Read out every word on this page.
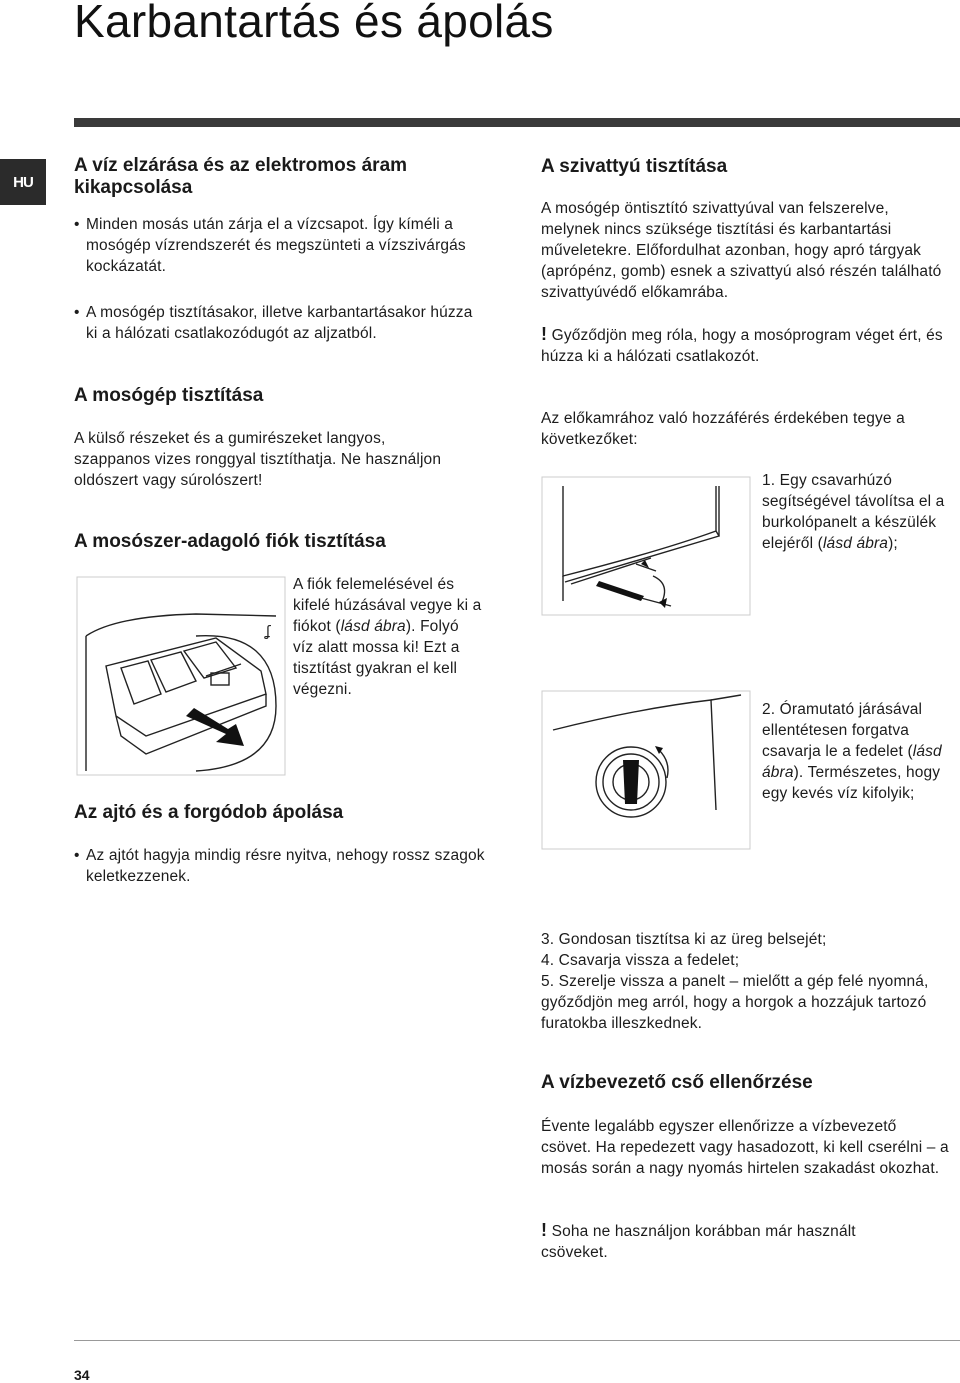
Karbantartás és ápolás
HU
A víz elzárása és az elektromos áram kikapcsolása
• Minden mosás után zárja el a vízcsapot. Így kíméli a mosógép vízrendszerét és megszünteti a vízszivárgás kockázatát.
• A mosógép tisztításakor, illetve karbantartásakor húzza ki a hálózati csatlakozódugót az aljzatból.
A mosógép tisztítása

A külső részeket és a gumirészeket langyos, szappanos vizes ronggyal tisztíthatja. Ne használjon oldószert vagy súrolószert!

A mosószer-adagoló fiók tisztítása
ʆ

A fiók felemelésével és kifelé húzásával vegye ki a fiókot (lásd ábra). Folyó víz alatt mossa ki! Ezt a tisztítást gyakran el kell végezni.

Az ajtó és a forgódob ápolása
• Az ajtót hagyja mindig résre nyitva, nehogy rossz szagok keletkezzenek.
A szivattyú tisztítása

A mosógép öntisztító szivattyúval van felszerelve, melynek nincs szüksége tisztítási és karbantartási műveletekre. Előfordulhat azonban, hogy apró tárgyak (aprópénz, gomb) esnek a szivattyú alsó részén található szivattyúvédő előkamrába.

! Győződjön meg róla, hogy a mosóprogram véget ért, és húzza ki a hálózati csatlakozót.

Az előkamrához való hozzáférés érdekében tegye a következőket:

1. Egy csavarhúzó segítségével távolítsa el a burkolópanelt a készülék elejéről (lásd ábra);

2. Óramutató járásával ellentétesen forgatva csavarja le a fedelet (lásd ábra). Természetes, hogy egy kevés víz kifolyik;

3. Gondosan tisztítsa ki az üreg belsejét;

4. Csavarja vissza a fedelet;

5. Szerelje vissza a panelt – mielőtt a gép felé nyomná, győződjön meg arról, hogy a horgok a hozzájuk tartozó furatokba illeszkednek.

A vízbevezető cső ellenőrzése

Évente legalább egyszer ellenőrizze a vízbevezető csövet. Ha repedezett vagy hasadozott, ki kell cserélni – a mosás során a nagy nyomás hirtelen szakadást okozhat.

! Soha ne használjon korábban már használt csöveket.

34
